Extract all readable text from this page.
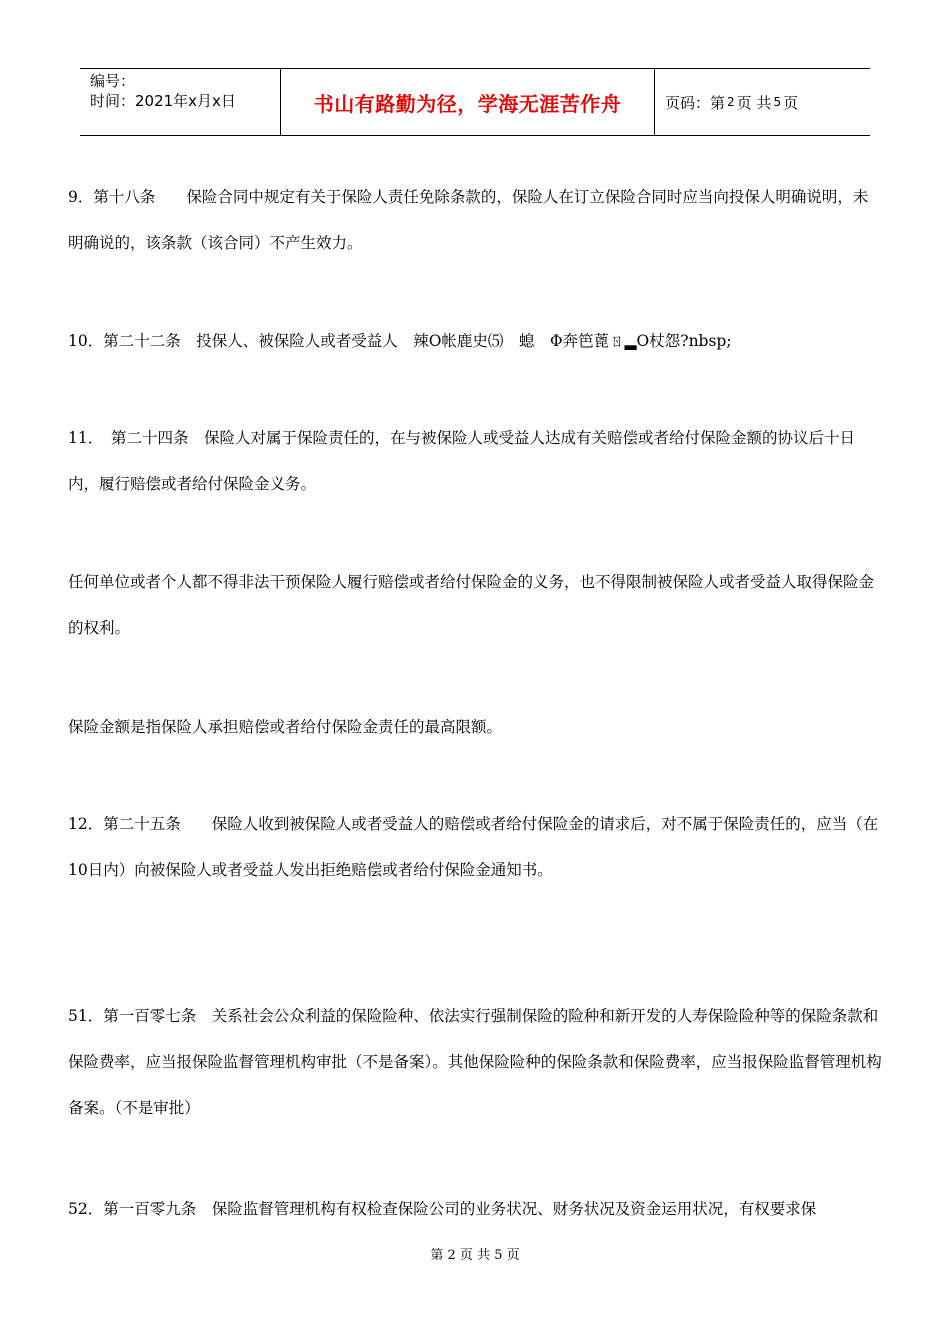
编号：
时间：2021年x月x日	书山有路勤为径，学海无涯苦作舟	页码：第 2 页 共 5 页

9．第十八条　　保险合同中规定有关于保险人责任免除条款的，保险人在订立保险合同时应当向投保人明确说明，未明确说的，该条款（该合同）不产生效力。

10．第二十二条　投保人、被保险人或者受益人　辣Ο帐鹿史⑸　螅　Φ奔笆蓖ㄖ▂Ο杖怨?nbsp;

11．　第二十四条　保险人对属于保险责任的，在与被保险人或受益人达成有关赔偿或者给付保险金额的协议后十日内，履行赔偿或者给付保险金义务。

任何单位或者个人都不得非法干预保险人履行赔偿或者给付保险金的义务，也不得限制被保险人或者受益人取得保险金的权利。

保险金额是指保险人承担赔偿或者给付保险金责任的最高限额。

12．第二十五条　　保险人收到被保险人或者受益人的赔偿或者给付保险金的请求后，对不属于保险责任的，应当（在10日内）向被保险人或者受益人发出拒绝赔偿或者给付保险金通知书。

51．第一百零七条　关系社会公众利益的保险险种、依法实行强制保险的险种和新开发的人寿保险险种等的保险条款和保险费率，应当报保险监督管理机构审批（不是备案）。其他保险险种的保险条款和保险费率，应当报保险监督管理机构备案。（不是审批）

52．第一百零九条　保险监督管理机构有权检查保险公司的业务状况、财务状况及资金运用状况，有权要求保

第 2 页 共 5 页
